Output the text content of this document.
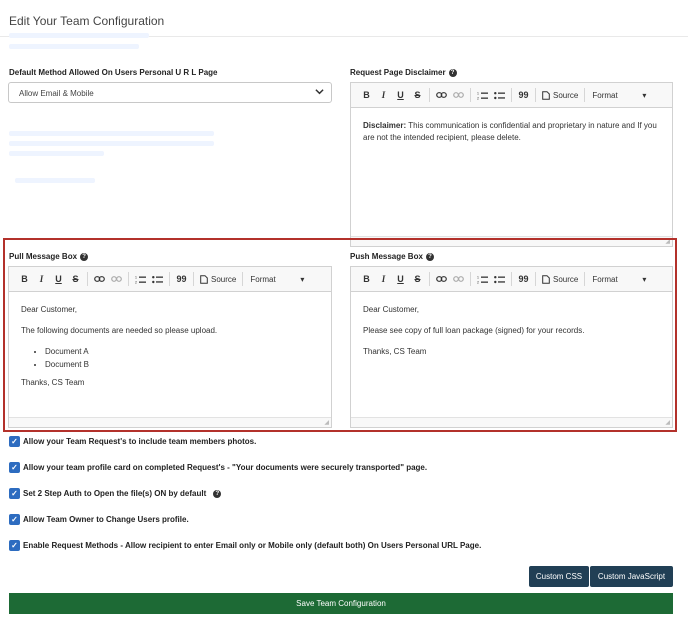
Edit Your Team Configuration
Default Method Allowed On Users Personal U R L Page
Allow Email & Mobile
Request Page Disclaimer ?
B	I	U	S	1
2	99	Source Format	▾

Disclaimer: This communication is confidential and proprietary in nature and If you are not the intended recipient, please delete.

◢
Pull Message Box ?
B	I	U	S	1
2	99	Source Format	▾

Dear Customer,

The following documents are needed so please upload.

• Document A
• Document B

Thanks, CS Team

◢
Push Message Box ?
B	I	U	S	1
2	99	Source Format	▾

Dear Customer,

Please see copy of full loan package (signed) for your records.

Thanks, CS Team

◢
✓ Allow your Team Request's to include team members photos.
✓ Allow your team profile card on completed Request's - "Your documents were securely transported" page.
✓ Set 2 Step Auth to Open the file(s) ON by default	?
✓ Allow Team Owner to Change Users profile.
✓ Enable Request Methods - Allow recipient to enter Email only or Mobile only (default both) On Users Personal URL Page.
Custom CSS	Custom JavaScript
Save Team Configuration
